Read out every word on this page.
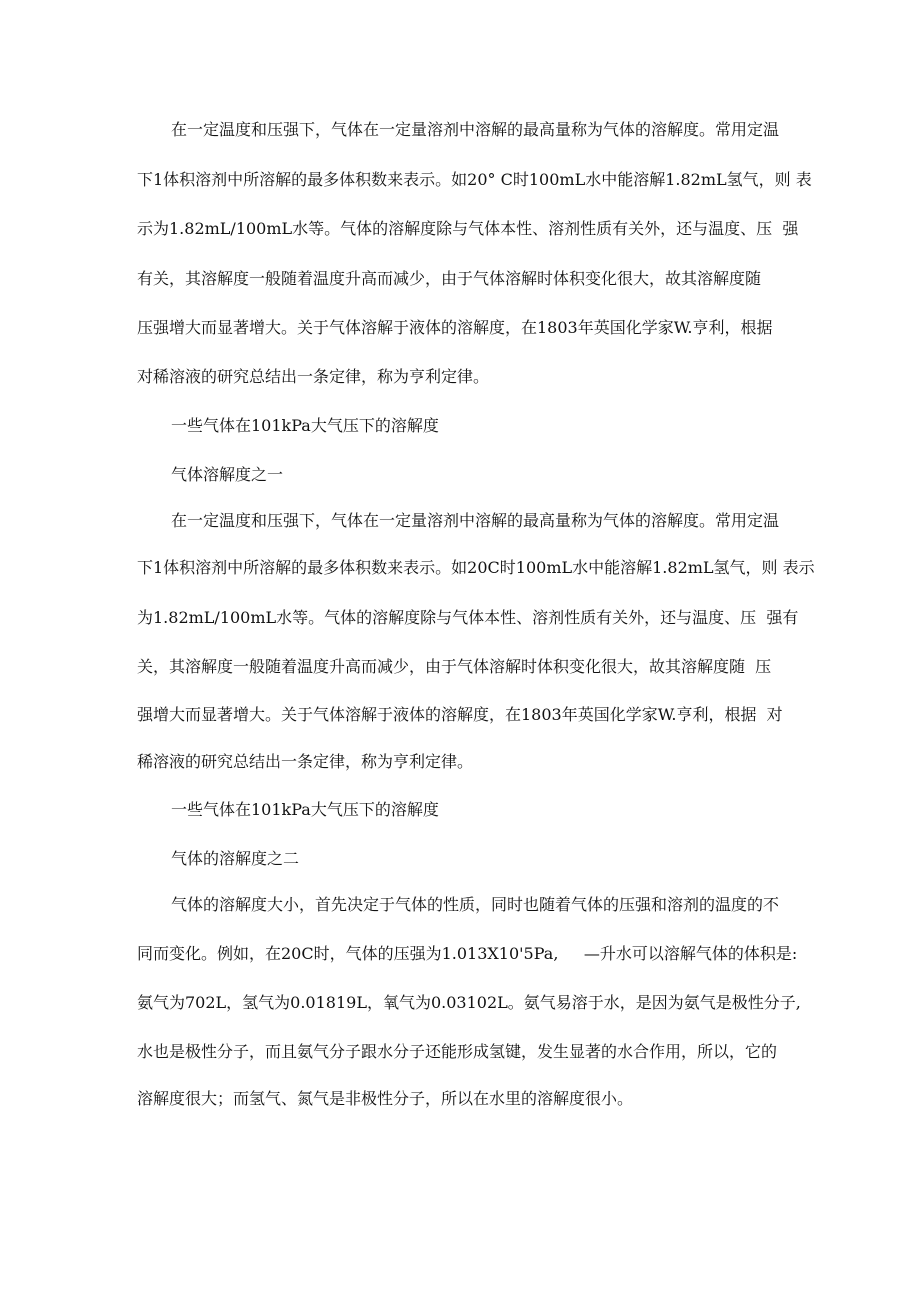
在一定温度和压强下，气体在一定量溶剂中溶解的最高量称为气体的溶解度。常用定温
下1体积溶剂中所溶解的最多体积数来表示。如20° C时100mL水中能溶解1.82mL氢气，则 表
示为1.82mL/100mL水等。气体的溶解度除与气体本性、溶剂性质有关外，还与温度、压  强
有关，其溶解度一般随着温度升高而减少，由于气体溶解时体积变化很大，故其溶解度随
压强增大而显著增大。关于气体溶解于液体的溶解度，在1803年英国化学家W.亨利，根据
对稀溶液的研究总结出一条定律，称为亨利定律。
一些气体在101kPa大气压下的溶解度
气体溶解度之一
在一定温度和压强下，气体在一定量溶剂中溶解的最高量称为气体的溶解度。常用定温
下1体积溶剂中所溶解的最多体积数来表示。如20C时100mL水中能溶解1.82mL氢气，则 表示
为1.82mL/100mL水等。气体的溶解度除与气体本性、溶剂性质有关外，还与温度、压  强有
关，其溶解度一般随着温度升高而减少，由于气体溶解时体积变化很大，故其溶解度随  压
强增大而显著增大。关于气体溶解于液体的溶解度，在1803年英国化学家W.亨利，根据  对
稀溶液的研究总结出一条定律，称为亨利定律。
一些气体在101kPa大气压下的溶解度
气体的溶解度之二
气体的溶解度大小，首先决定于气体的性质，同时也随着气体的压强和溶剂的温度的不
同而变化。例如，在20C时，气体的压强为1.013X10'5Pa,     —升水可以溶解气体的体积是:
氨气为702L，氢气为0.01819L，氧气为0.03102L。氨气易溶于水，是因为氨气是极性分子,
水也是极性分子，而且氨气分子跟水分子还能形成氢键，发生显著的水合作用，所以，它的
溶解度很大；而氢气、氮气是非极性分子，所以在水里的溶解度很小。
